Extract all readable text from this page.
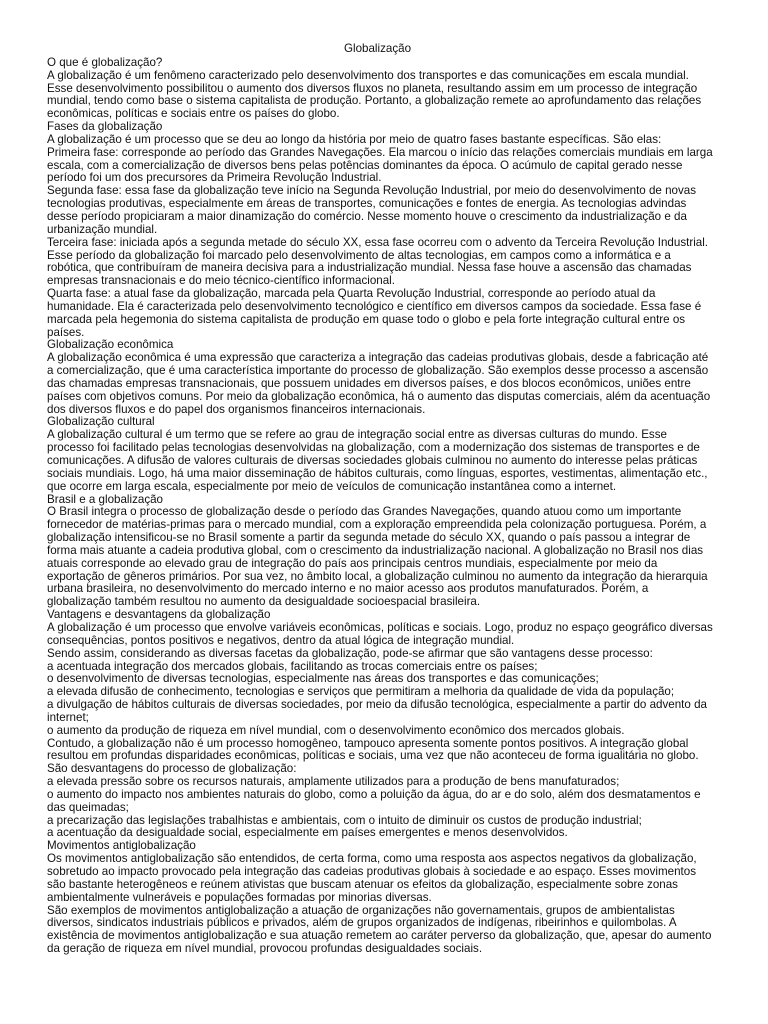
Globalização
O que é globalização?
A globalização é um fenômeno caracterizado pelo desenvolvimento dos transportes e das comunicações em escala mundial.
Esse desenvolvimento possibilitou o aumento dos diversos fluxos no planeta, resultando assim em um processo de integração
mundial, tendo como base o sistema capitalista de produção. Portanto, a globalização remete ao aprofundamento das relações
econômicas, políticas e sociais entre os países do globo.
Fases da globalização
A globalização é um processo que se deu ao longo da história por meio de quatro fases bastante específicas. São elas:
Primeira fase: corresponde ao período das Grandes Navegações. Ela marcou o início das relações comerciais mundiais em larga
escala, com a comercialização de diversos bens pelas potências dominantes da época. O acúmulo de capital gerado nesse
período foi um dos precursores da Primeira Revolução Industrial.
Segunda fase: essa fase da globalização teve início na Segunda Revolução Industrial, por meio do desenvolvimento de novas
tecnologias produtivas, especialmente em áreas de transportes, comunicações e fontes de energia. As tecnologias advindas
desse período propiciaram a maior dinamização do comércio. Nesse momento houve o crescimento da industrialização e da
urbanização mundial.
Terceira fase: iniciada após a segunda metade do século XX, essa fase ocorreu com o advento da Terceira Revolução Industrial.
Esse período da globalização foi marcado pelo desenvolvimento de altas tecnologias, em campos como a informática e a
robótica, que contribuíram de maneira decisiva para a industrialização mundial. Nessa fase houve a ascensão das chamadas
empresas transnacionais e do meio técnico-científico informacional.
Quarta fase: a atual fase da globalização, marcada pela Quarta Revolução Industrial, corresponde ao período atual da
humanidade. Ela é caracterizada pelo desenvolvimento tecnológico e científico em diversos campos da sociedade. Essa fase é
marcada pela hegemonia do sistema capitalista de produção em quase todo o globo e pela forte integração cultural entre os
países.
Globalização econômica
A globalização econômica é uma expressão que caracteriza a integração das cadeias produtivas globais, desde a fabricação até
a comercialização, que é uma característica importante do processo de globalização. São exemplos desse processo a ascensão
das chamadas empresas transnacionais, que possuem unidades em diversos países, e dos blocos econômicos, uniões entre
países com objetivos comuns. Por meio da globalização econômica, há o aumento das disputas comerciais, além da acentuação
dos diversos fluxos e do papel dos organismos financeiros internacionais.
Globalização cultural
A globalização cultural é um termo que se refere ao grau de integração social entre as diversas culturas do mundo. Esse
processo foi facilitado pelas tecnologias desenvolvidas na globalização, com a modernização dos sistemas de transportes e de
comunicações. A difusão de valores culturais de diversas sociedades globais culminou no aumento do interesse pelas práticas
sociais mundiais. Logo, há uma maior disseminação de hábitos culturais, como línguas, esportes, vestimentas, alimentação etc.,
que ocorre em larga escala, especialmente por meio de veículos de comunicação instantânea como a internet.
Brasil e a globalização
O Brasil integra o processo de globalização desde o período das Grandes Navegações, quando atuou como um importante
fornecedor de matérias-primas para o mercado mundial, com a exploração empreendida pela colonização portuguesa. Porém, a
globalização intensificou-se no Brasil somente a partir da segunda metade do século XX, quando o país passou a integrar de
forma mais atuante a cadeia produtiva global, com o crescimento da industrialização nacional. A globalização no Brasil nos dias
atuais corresponde ao elevado grau de integração do país aos principais centros mundiais, especialmente por meio da
exportação de gêneros primários. Por sua vez, no âmbito local, a globalização culminou no aumento da integração da hierarquia
urbana brasileira, no desenvolvimento do mercado interno e no maior acesso aos produtos manufaturados. Porém, a
globalização também resultou no aumento da desigualdade socioespacial brasileira.
Vantagens e desvantagens da globalização
A globalização é um processo que envolve variáveis econômicas, políticas e sociais. Logo, produz no espaço geográfico diversas
consequências, pontos positivos e negativos, dentro da atual lógica de integração mundial.
Sendo assim, considerando as diversas facetas da globalização, pode-se afirmar que são vantagens desse processo:
a acentuada integração dos mercados globais, facilitando as trocas comerciais entre os países;
o desenvolvimento de diversas tecnologias, especialmente nas áreas dos transportes e das comunicações;
a elevada difusão de conhecimento, tecnologias e serviços que permitiram a melhoria da qualidade de vida da população;
a divulgação de hábitos culturais de diversas sociedades, por meio da difusão tecnológica, especialmente a partir do advento da
internet;
o aumento da produção de riqueza em nível mundial, com o desenvolvimento econômico dos mercados globais.
Contudo, a globalização não é um processo homogêneo, tampouco apresenta somente pontos positivos. A integração global
resultou em profundas disparidades econômicas, políticas e sociais, uma vez que não aconteceu de forma igualitária no globo.
São desvantagens do processo de globalização:
a elevada pressão sobre os recursos naturais, amplamente utilizados para a produção de bens manufaturados;
o aumento do impacto nos ambientes naturais do globo, como a poluição da água, do ar e do solo, além dos desmatamentos e
das queimadas;
a precarização das legislações trabalhistas e ambientais, com o intuito de diminuir os custos de produção industrial;
a acentuação da desigualdade social, especialmente em países emergentes e menos desenvolvidos.
Movimentos antiglobalização
Os movimentos antiglobalização são entendidos, de certa forma, como uma resposta aos aspectos negativos da globalização,
sobretudo ao impacto provocado pela integração das cadeias produtivas globais à sociedade e ao espaço. Esses movimentos
são bastante heterogêneos e reúnem ativistas que buscam atenuar os efeitos da globalização, especialmente sobre zonas
ambientalmente vulneráveis e populações formadas por minorias diversas.
São exemplos de movimentos antiglobalização a atuação de organizações não governamentais, grupos de ambientalistas
diversos, sindicatos industriais públicos e privados, além de grupos organizados de indígenas, ribeirinhos e quilombolas. A
existência de movimentos antiglobalização e sua atuação remetem ao caráter perverso da globalização, que, apesar do aumento
da geração de riqueza em nível mundial, provocou profundas desigualdades sociais.
